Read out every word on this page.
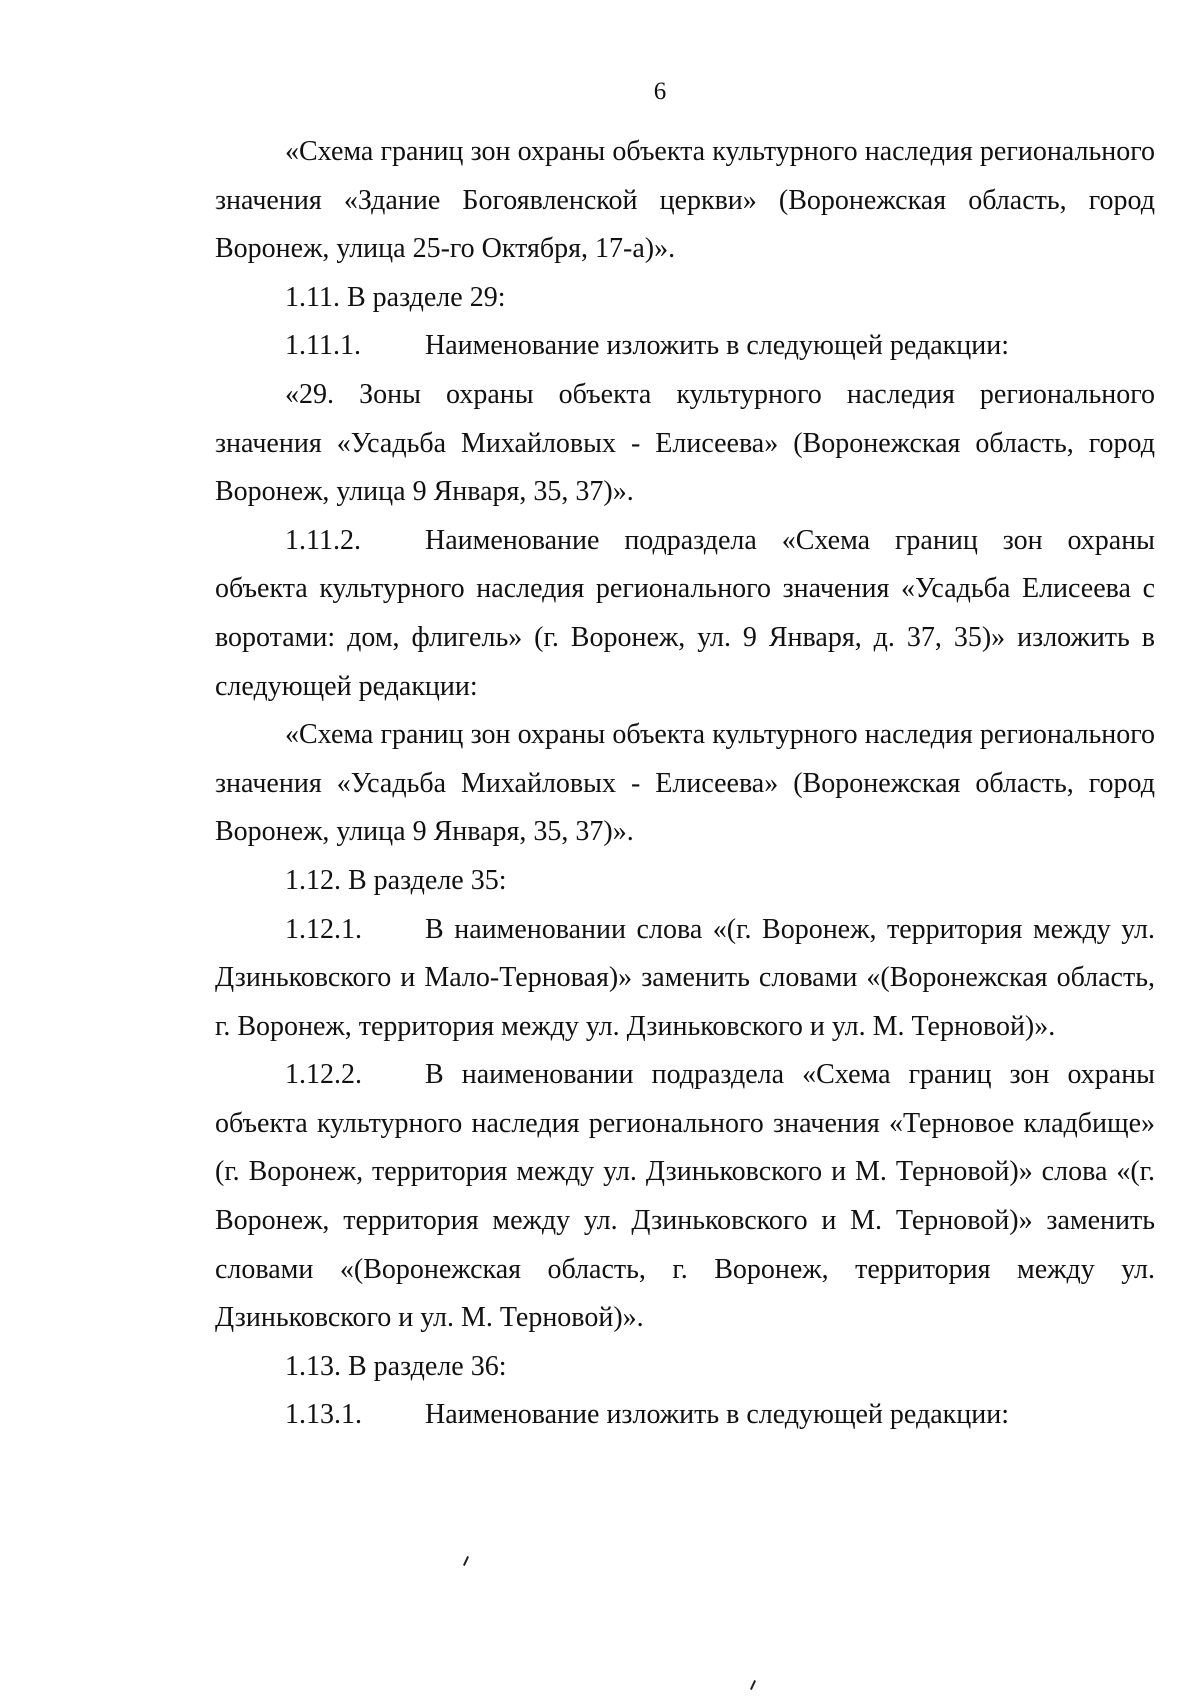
6

«Схема границ зон охраны объекта культурного наследия регионального значения «Здание Богоявленской церкви» (Воронежская область, город Воронеж, улица 25-го Октября, 17-а)».

1.11. В разделе 29:

1.11.1. Наименование изложить в следующей редакции:

«29. Зоны охраны объекта культурного наследия регионального значения «Усадьба Михайловых - Елисеева» (Воронежская область, город Воронеж, улица 9 Января, 35, 37)».

1.11.2. Наименование подраздела «Схема границ зон охраны объекта культурного наследия регионального значения «Усадьба Елисеева с воротами: дом, флигель» (г. Воронеж, ул. 9 Января, д. 37, 35)» изложить в следующей редакции:

«Схема границ зон охраны объекта культурного наследия регионального значения «Усадьба Михайловых - Елисеева» (Воронежская область, город Воронеж, улица 9 Января, 35, 37)».

1.12. В разделе 35:

1.12.1. В наименовании слова «(г. Воронеж, территория между ул. Дзиньковского и Мало-Терновая)» заменить словами «(Воронежская область, г. Воронеж, территория между ул. Дзиньковского и ул. М. Терновой)».

1.12.2. В наименовании подраздела «Схема границ зон охраны объекта культурного наследия регионального значения «Терновое кладбище» (г. Воронеж, территория между ул. Дзиньковского и М. Терновой)» слова «(г. Воронеж, территория между ул. Дзиньковского и М. Терновой)» заменить словами «(Воронежская область, г. Воронеж, территория между ул. Дзиньковского и ул. М. Терновой)».

1.13. В разделе 36:

1.13.1. Наименование изложить в следующей редакции:
